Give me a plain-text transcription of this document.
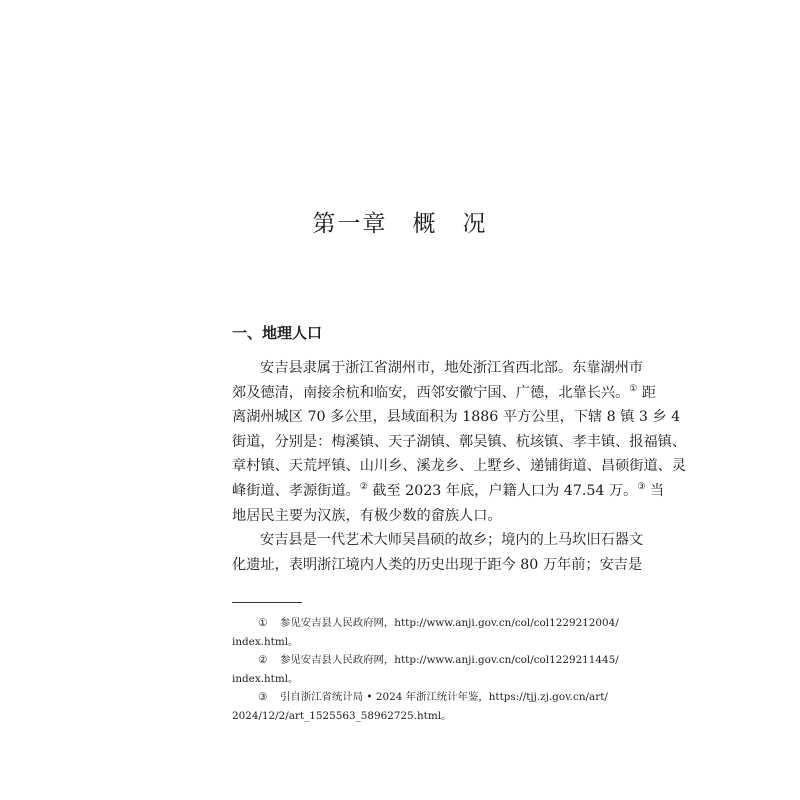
第一章　概　况
一、地理人口
安吉县隶属于浙江省湖州市，地处浙江省西北部。东靠湖州市
郊及德清，南接余杭和临安，西邻安徽宁国、广德，北靠长兴。① 距
离湖州城区 70 多公里，县域面积为 1886 平方公里，下辖 8 镇 3 乡 4
街道，分别是：梅溪镇、天子湖镇、鄣吴镇、杭垓镇、孝丰镇、报福镇、
章村镇、天荒坪镇、山川乡、溪龙乡、上墅乡、递铺街道、昌硕街道、灵
峰街道、孝源街道。② 截至 2023 年底，户籍人口为 47.54 万。③ 当
地居民主要为汉族，有极少数的畲族人口。
安吉县是一代艺术大师吴昌硕的故乡；境内的上马坎旧石器文
化遗址，表明浙江境内人类的历史出现于距今 80 万年前；安吉是
① 参见安吉县人民政府网，http://www.anji.gov.cn/col/col1229212004/
index.html。
② 参见安吉县人民政府网，http://www.anji.gov.cn/col/col1229211445/
index.html。
③ 引自浙江省统计局 • 2024 年浙江统计年鉴，https://tjj.zj.gov.cn/art/
2024/12/2/art_1525563_58962725.html。
